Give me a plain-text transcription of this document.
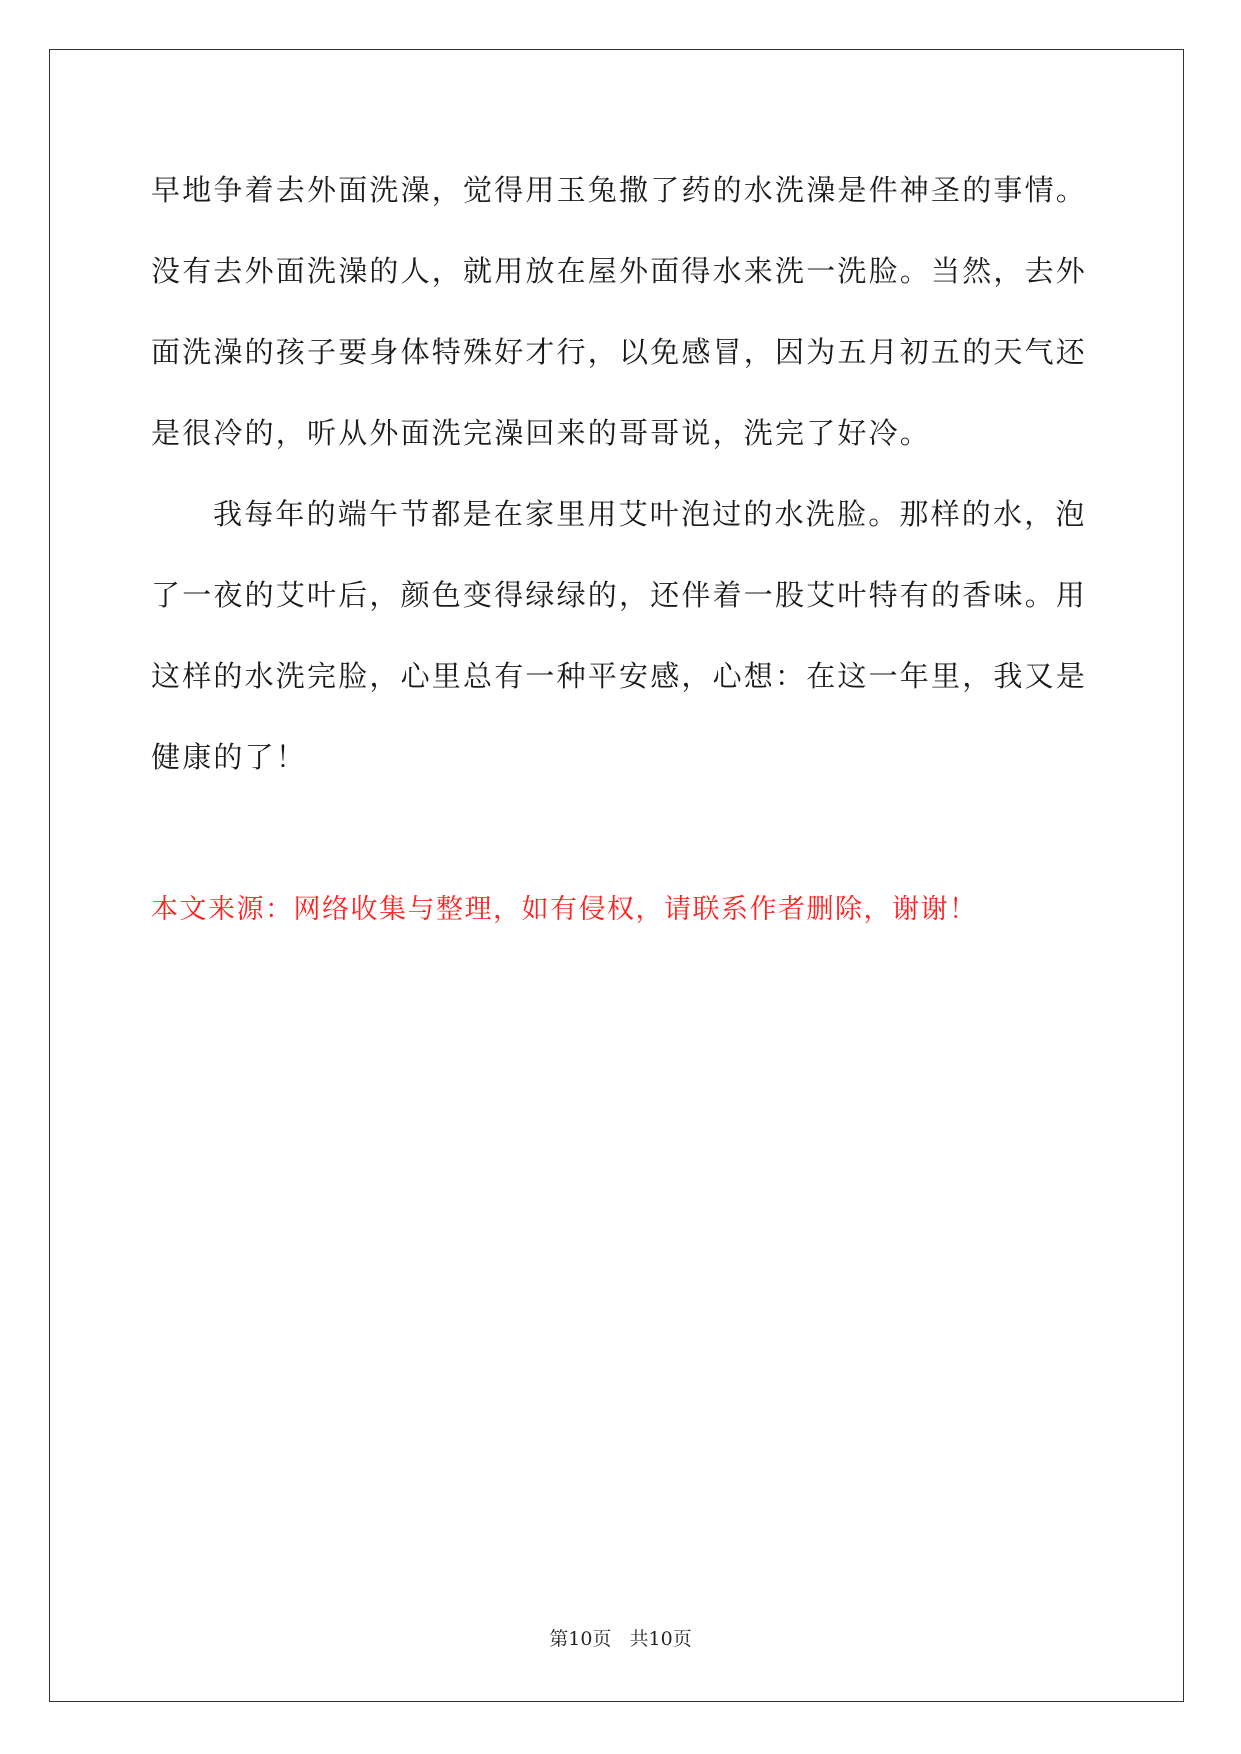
早地争着去外面洗澡，觉得用玉兔撒了药的水洗澡是件神圣的事情。
没有去外面洗澡的人，就用放在屋外面得水来洗一洗脸。当然，去外
面洗澡的孩子要身体特殊好才行，以免感冒，因为五月初五的天气还
是很冷的，听从外面洗完澡回来的哥哥说，洗完了好冷。
我每年的端午节都是在家里用艾叶泡过的水洗脸。那样的水，泡
了一夜的艾叶后，颜色变得绿绿的，还伴着一股艾叶特有的香味。用
这样的水洗完脸，心里总有一种平安感，心想：在这一年里，我又是
健康的了！
本文来源：网络收集与整理，如有侵权，请联系作者删除，谢谢！
第10页 共10页
